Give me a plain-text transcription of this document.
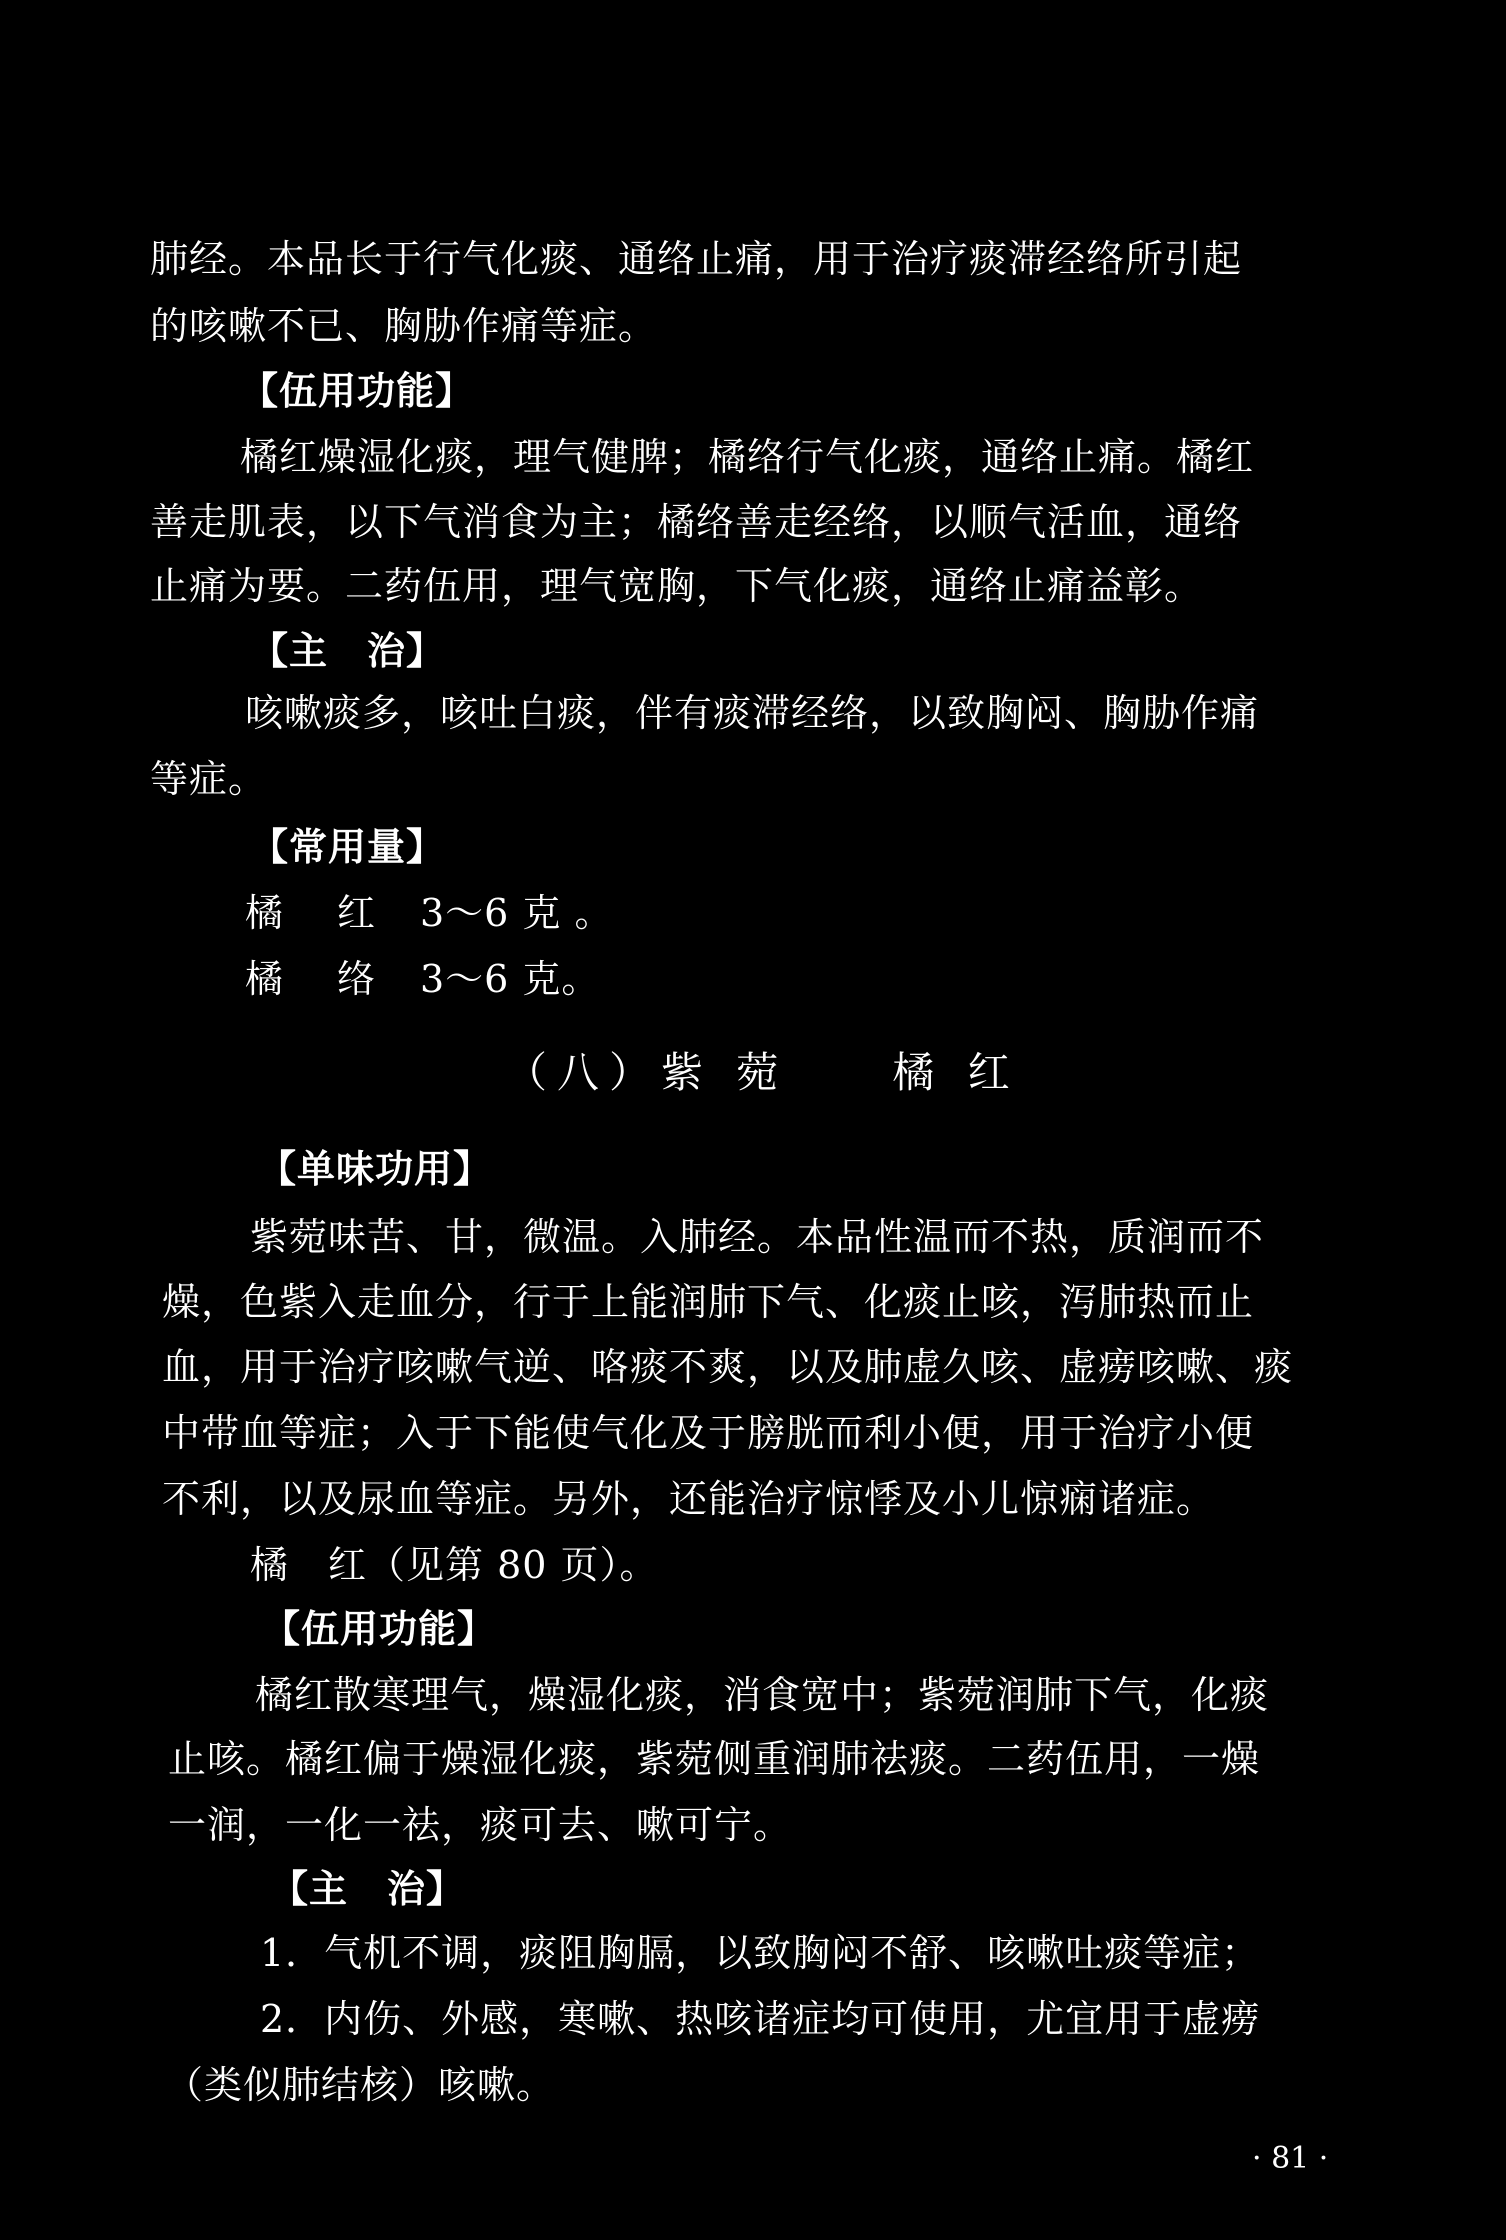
肺经。本品长于行气化痰、通络止痛，用于治疗痰滞经络所引起
的咳嗽不已、胸胁作痛等症。
【伍用功能】
橘红燥湿化痰，理气健脾；橘络行气化痰，通络止痛。橘红
善走肌表，以下气消食为主；橘络善走经络，以顺气活血，通络
止痛为要。二药伍用，理气宽胸，下气化痰，通络止痛益彰。
【主　治】
咳嗽痰多，咳吐白痰，伴有痰滞经络，以致胸闷、胸胁作痛
等症。
【常用量】
橘红3～6 克 。
橘络3～6 克。
（八）紫 菀　　橘 红
【单味功用】
紫菀味苦、甘，微温。入肺经。本品性温而不热，质润而不
燥，色紫入走血分，行于上能润肺下气、化痰止咳，泻肺热而止
血，用于治疗咳嗽气逆、咯痰不爽，以及肺虚久咳、虚痨咳嗽、痰
中带血等症；入于下能使气化及于膀胱而利小便，用于治疗小便
不利，以及尿血等症。另外，还能治疗惊悸及小儿惊痫诸症。
橘　红（见第 80 页）。
【伍用功能】
橘红散寒理气，燥湿化痰，消食宽中；紫菀润肺下气，化痰
止咳。橘红偏于燥湿化痰，紫菀侧重润肺祛痰。二药伍用，一燥
一润，一化一祛，痰可去、嗽可宁。
【主　治】
1．气机不调，痰阻胸膈，以致胸闷不舒、咳嗽吐痰等症；
2．内伤、外感，寒嗽、热咳诸症均可使用，尤宜用于虚痨
（类似肺结核）咳嗽。
· 81 ·
